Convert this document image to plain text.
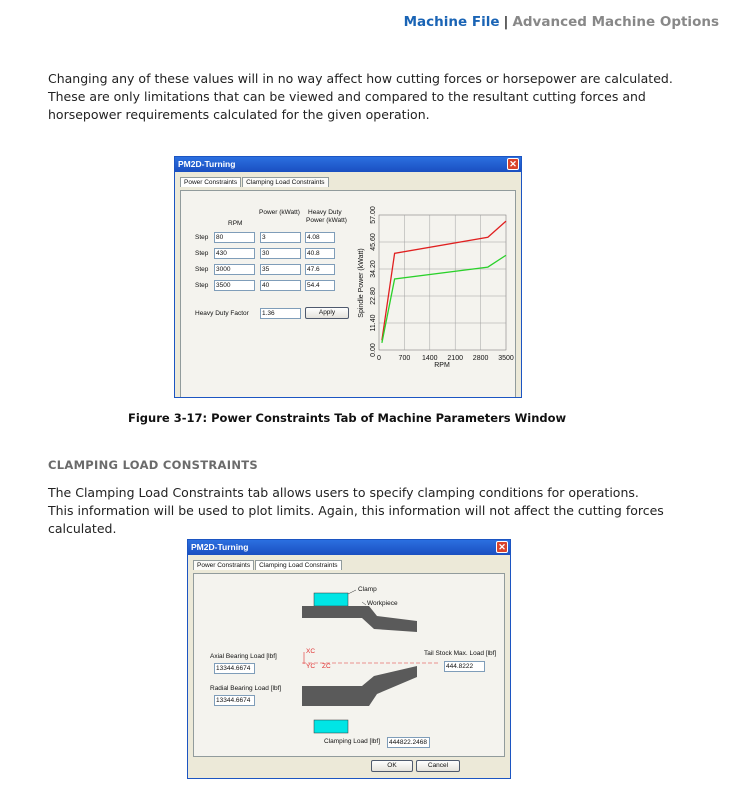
Machine File | Advanced Machine Options
Changing any of these values will in no way affect how cutting forces or horsepower are calculated.
These are only limitations that can be viewed and compared to the resultant cutting forces and
horsepower requirements calculated for the given operation.
PM2D-Turning	✕
Power Constraints Clamping Load Constraints
RPM
Power (kWatt) Heavy Duty
Power (kWatt)
Step	80	3	4.08
Step	430	30	40.8
Step	3000	35	47.6
Step	3500	40	54.4
Heavy Duty Factor	1.36	Apply
0	700 1400 2100 2800 3500
0.00
11.40
22.80
34.20
45.60
57.00
RPM
Spindle Power (kWatt)
Figure 3-17: Power Constraints Tab of Machine Parameters Window
CLAMPING LOAD CONSTRAINTS
The Clamping Load Constraints tab allows users to specify clamping conditions for operations.
This information will be used to plot limits. Again, this information will not affect the cutting forces
calculated.
PM2D-Turning	✕
Power Constraints Clamping Load Constraints
Clamp
Workpiece
XC
YC ZC
Axial Bearing Load [lbf]
13344.6674
Radial Bearing Load [lbf]
13344.6674
Tail Stock Max. Load [lbf]
444.8222
Clamping Load [lbf]	444822.2468
OK	Cancel
